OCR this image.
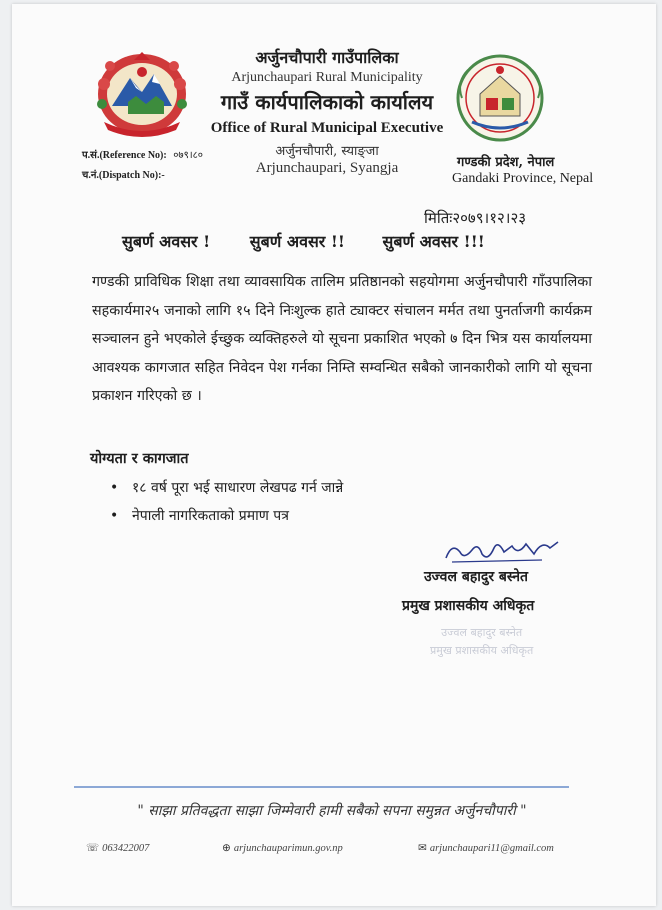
अर्जुनचौपारी गाउँपालिका
Arjunchaupari Rural Municipality
गाउँ कार्यपालिकाको कार्यालय
Office of Rural Municipal Executive
अर्जुनचौपारी, स्याङ्जा
Arjunchaupari, Syangja
प.सं.(Reference No): ०७९।८०
च.नं.(Dispatch No):-
गण्डकी प्रदेश, नेपाल
Gandaki Province, Nepal
मितिः२०७९।१२।२३
सुबर्ण अवसर ! सुबर्ण अवसर !! सुबर्ण अवसर !!!
गण्डकी प्राविधिक शिक्षा तथा व्यावसायिक तालिम प्रतिष्ठानको सहयोगमा अर्जुनचौपारी गाँउपालिका सहकार्यमा२५ जनाको लागि १५ दिने निःशुल्क हाते ट्याक्टर संचालन मर्मत तथा पुनर्ताजगी कार्यक्रम सञ्चालन हुने भएकोले ईच्छुक व्यक्तिहरुले यो सूचना प्रकाशित भएको ७ दिन भित्र यस कार्यालयमा आवश्यक कागजात सहित निवेदन पेश गर्नका निम्ति सम्वन्धित सबैको जानकारीको लागि यो सूचना प्रकाशन गरिएको छ ।
योग्यता र कागजात
• १८ वर्ष पूरा भई साधारण लेखपढ गर्न जान्ने
• नेपाली नागरिकताको प्रमाण पत्र
उज्वल बहादुर बस्नेत
प्रमुख प्रशासकीय अधिकृत
उज्वल बहादुर बस्नेत
प्रमुख प्रशासकीय अधिकृत
" साझा प्रतिवद्धता साझा जिम्मेवारी हामी सबैको सपना समुन्नत अर्जुनचौपारी "
☏ 063422007	⊕ arjunchauparimun.gov.np	✉ arjunchaupari11@gmail.com
